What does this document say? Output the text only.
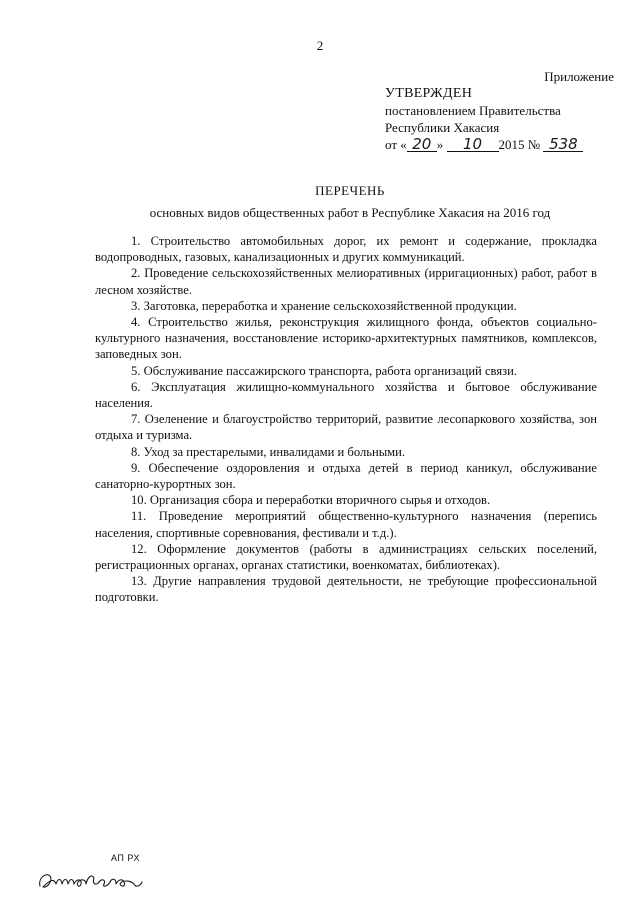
2
Приложение
УТВЕРЖДЕН
постановлением Правительства
Республики Хакасия
от « 20 » 10 2015 № 538
ПЕРЕЧЕНЬ
основных видов общественных работ в Республике Хакасия на 2016 год

1. Строительство автомобильных дорог, их ремонт и содержание, прокладка водопроводных, газовых, канализационных и других коммуникаций.

2. Проведение сельскохозяйственных мелиоративных (ирригационных) работ, работ в лесном хозяйстве.

3. Заготовка, переработка и хранение сельскохозяйственной продукции.

4. Строительство жилья, реконструкция жилищного фонда, объектов социально-культурного назначения, восстановление историко-архитектурных памятников, комплексов, заповедных зон.

5. Обслуживание пассажирского транспорта, работа организаций связи.

6. Эксплуатация жилищно-коммунального хозяйства и бытовое обслуживание населения.

7. Озеленение и благоустройство территорий, развитие лесопаркового хозяйства, зон отдыха и туризма.

8. Уход за престарелыми, инвалидами и больными.

9. Обеспечение оздоровления и отдыха детей в период каникул, обслуживание санаторно-курортных зон.

10. Организация сбора и переработки вторичного сырья и отходов.

11. Проведение мероприятий общественно-культурного назначения (перепись населения, спортивные соревнования, фестивали и т.д.).

12. Оформление документов (работы в администрациях сельских поселений, регистрационных органах, органах статистики, военкоматах, библиотеках).

13. Другие направления трудовой деятельности, не требующие профессиональной подготовки.

АП РХ
